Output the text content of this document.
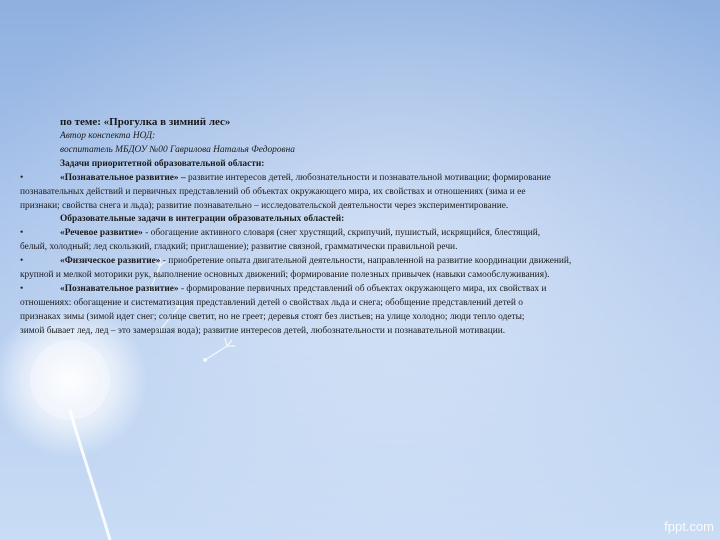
по теме: «Прогулка в зимний лес»
Автор конспекта НОД:
воспитатель МБДОУ №00 Гаврилова Наталья Федоровна
Задачи приоритетной образовательной области:
•	«Познавательное развитие» – развитие интересов детей, любознательности и познавательной мотивации; формирование
познавательных действий и первичных представлений об объектах окружающего мира, их свойствах и отношениях (зима и ее
признаки; свойства снега и льда); развитие познавательно – исследовательской деятельности через экспериментирование.
Образовательные задачи в интеграции образовательных областей:
•	«Речевое развитие» - обогащение активного словаря (снег хрустящий, скрипучий, пушистый, искрящийся, блестящий,
белый, холодный; лед скользкий, гладкий; приглашение); развитие связной, грамматически правильной речи.
•	«Физическое развитие» - приобретение опыта двигательной деятельности, направленной на развитие координации движений,
крупной и мелкой моторики рук, выполнение основных движений; формирование полезных привычек (навыки самообслуживания).
•	«Познавательное развитие» - формирование первичных представлений об объектах окружающего мира, их свойствах и
отношениях: обогащение и систематизация представлений детей о свойствах льда и снега; обобщение представлений детей о
признаках зимы (зимой идет снег; солнце светит, но не греет; деревья стоят без листьев; на улице холодно; люди тепло одеты;
зимой бывает лед, лед – это замерзшая вода); развитие интересов детей, любознательности и познавательной мотивации.
fppt.com
